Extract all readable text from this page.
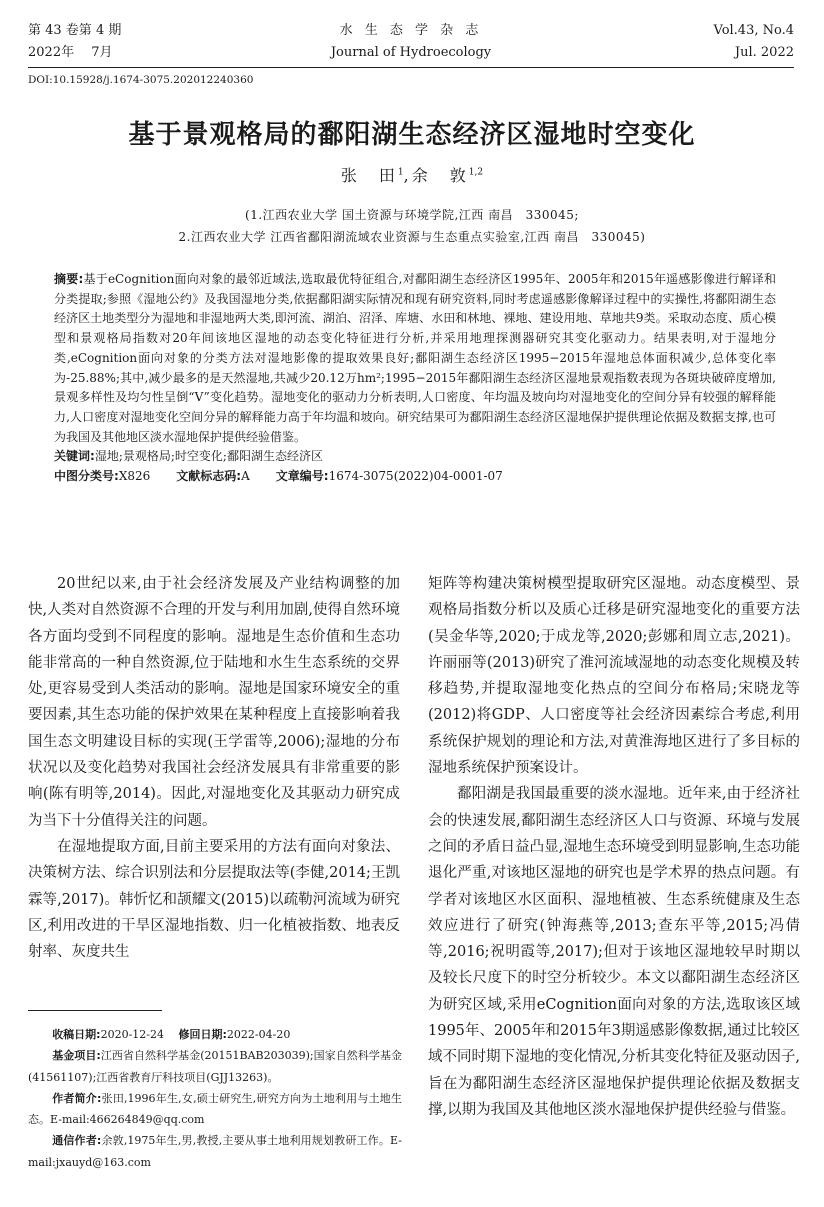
第 43 卷第 4 期
2022年　 7月
水 生 态 学 杂 志
Journal of Hydroecology
Vol.43, No.4
Jul. 2022
DOI:10.15928/j.1674-3075.202012240360
基于景观格局的鄱阳湖生态经济区湿地时空变化
张　田$^1$,余　敦$^{1,2}$
(1.江西农业大学 国土资源与环境学院,江西 南昌　330045;
2.江西农业大学 江西省鄱阳湖流域农业资源与生态重点实验室,江西 南昌　330045)

摘要:基于eCognition面向对象的最邻近域法,选取最优特征组合,对鄱阳湖生态经济区1995年、2005年和2015年遥感影像进行解译和分类提取;参照《湿地公约》及我国湿地分类,依据鄱阳湖实际情况和现有研究资料,同时考虑遥感影像解译过程中的实操性,将鄱阳湖生态经济区土地类型分为湿地和非湿地两大类,即河流、湖泊、沼泽、库塘、水田和林地、裸地、建设用地、草地共9类。采取动态度、质心模型和景观格局指数对20年间该地区湿地的动态变化特征进行分析,并采用地理探测器研究其变化驱动力。结果表明,对于湿地分类,eCognition面向对象的分类方法对湿地影像的提取效果良好;鄱阳湖生态经济区1995−2015年湿地总体面积减少,总体变化率为-25.88%;其中,减少最多的是天然湿地,共减少20.12万hm²;1995−2015年鄱阳湖生态经济区湿地景观指数表现为各斑块破碎度增加,景观多样性及均匀性呈倒“V”变化趋势。湿地变化的驱动力分析表明,人口密度、年均温及坡向均对湿地变化的空间分异有较强的解释能力,人口密度对湿地变化空间分异的解释能力高于年均温和坡向。研究结果可为鄱阳湖生态经济区湿地保护提供理论依据及数据支撑,也可为我国及其他地区淡水湿地保护提供经验借鉴。

关键词:湿地;景观格局;时空变化;鄱阳湖生态经济区

中图分类号:X826 文献标志码:A 文章编号:1674-3075(2022)04-0001-07

20世纪以来,由于社会经济发展及产业结构调整的加快,人类对自然资源不合理的开发与利用加剧,使得自然环境各方面均受到不同程度的影响。湿地是生态价值和生态功能非常高的一种自然资源,位于陆地和水生生态系统的交界处,更容易受到人类活动的影响。湿地是国家环境安全的重要因素,其生态功能的保护效果在某种程度上直接影响着我国生态文明建设目标的实现(王学雷等,2006);湿地的分布状况以及变化趋势对我国社会经济发展具有非常重要的影响(陈有明等,2014)。因此,对湿地变化及其驱动力研究成为当下十分值得关注的问题。

在湿地提取方面,目前主要采用的方法有面向对象法、决策树方法、综合识别法和分层提取法等(李健,2014;王凯霖等,2017)。韩忻忆和颉耀文(2015)以疏勒河流域为研究区,利用改进的干旱区湿地指数、归一化植被指数、地表反射率、灰度共生

矩阵等构建决策树模型提取研究区湿地。动态度模型、景观格局指数分析以及质心迁移是研究湿地变化的重要方法(吴金华等,2020;于成龙等,2020;彭娜和周立志,2021)。许丽丽等(2013)研究了淮河流域湿地的动态变化规模及转移趋势,并提取湿地变化热点的空间分布格局;宋晓龙等(2012)将GDP、人口密度等社会经济因素综合考虑,利用系统保护规划的理论和方法,对黄淮海地区进行了多目标的湿地系统保护预案设计。

鄱阳湖是我国最重要的淡水湿地。近年来,由于经济社会的快速发展,鄱阳湖生态经济区人口与资源、环境与发展之间的矛盾日益凸显,湿地生态环境受到明显影响,生态功能退化严重,对该地区湿地的研究也是学术界的热点问题。有学者对该地区水区面积、湿地植被、生态系统健康及生态效应进行了研究(钟海燕等,2013;查东平等,2015;冯倩等,2016;祝明霞等,2017);但对于该地区湿地较早时期以及较长尺度下的时空分析较少。本文以鄱阳湖生态经济区为研究区域,采用eCognition面向对象的方法,选取该区域1995年、2005年和2015年3期遥感影像数据,通过比较区域不同时期下湿地的变化情况,分析其变化特征及驱动因子,旨在为鄱阳湖生态经济区湿地保护提供理论依据及数据支撑,以期为我国及其他地区淡水湿地保护提供经验与借鉴。

收稿日期:2020-12-24　 修回日期:2022-04-20

基金项目:江西省自然科学基金(20151BAB203039);国家自然科学基金(41561107);江西省教育厅科技项目(GJJ13263)。

作者简介:张田,1996年生,女,硕士研究生,研究方向为土地利用与土地生态。E-mail:466264849@qq.com

通信作者:余敦,1975年生,男,教授,主要从事土地利用规划教研工作。E-mail:jxauyd@163.com
